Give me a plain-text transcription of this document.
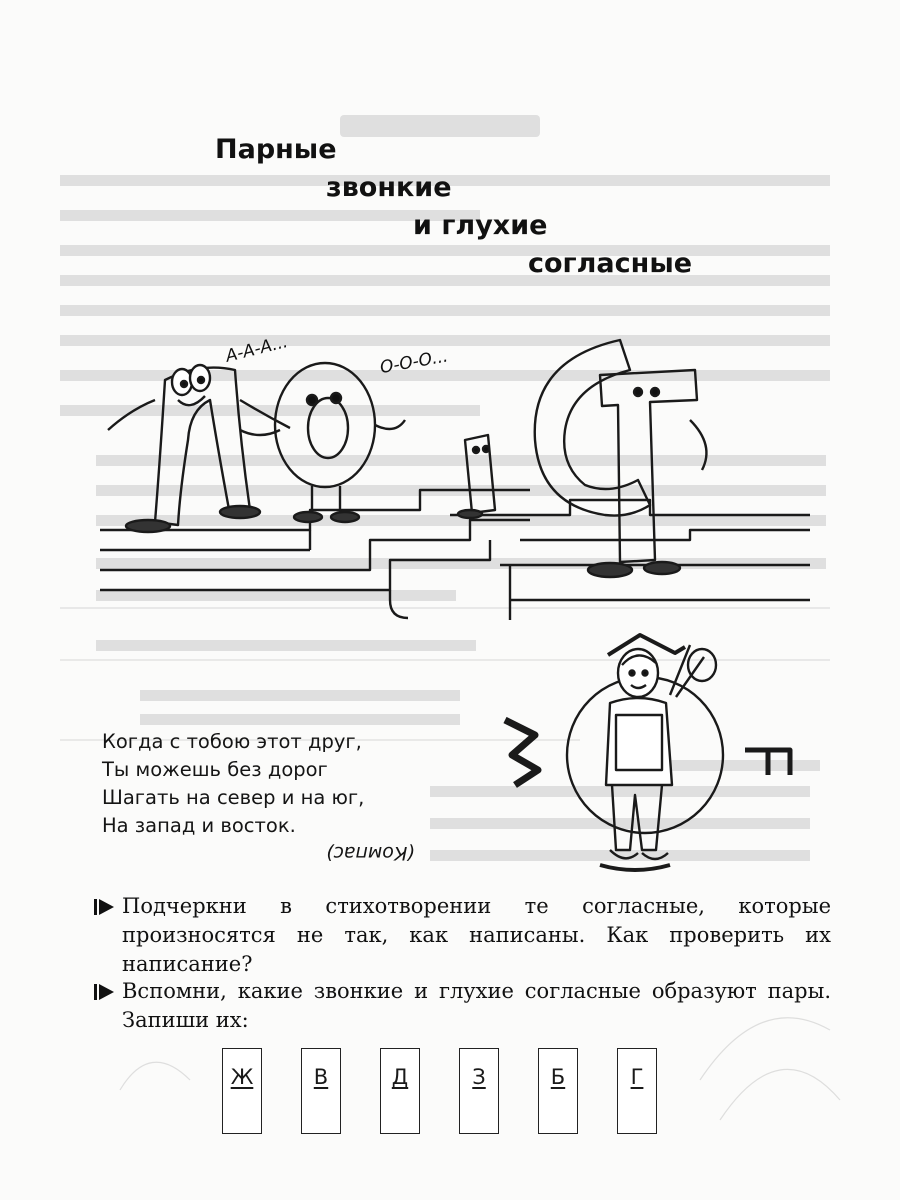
Парные
звонкие
и глухие
согласные
А-А-А...	О-О-О...
Когда с тобою этот друг,
Ты можешь без дорог
Шагать на север и на юг,
На запад и восток.
(Компас)
Подчеркни в стихотворении те согласные, которые произносятся не так, как написаны. Как проверить их написание?
Вспомни, какие звонкие и глухие согласные образуют пары. Запиши их:
Ж	В	Д	З	Б	Г
